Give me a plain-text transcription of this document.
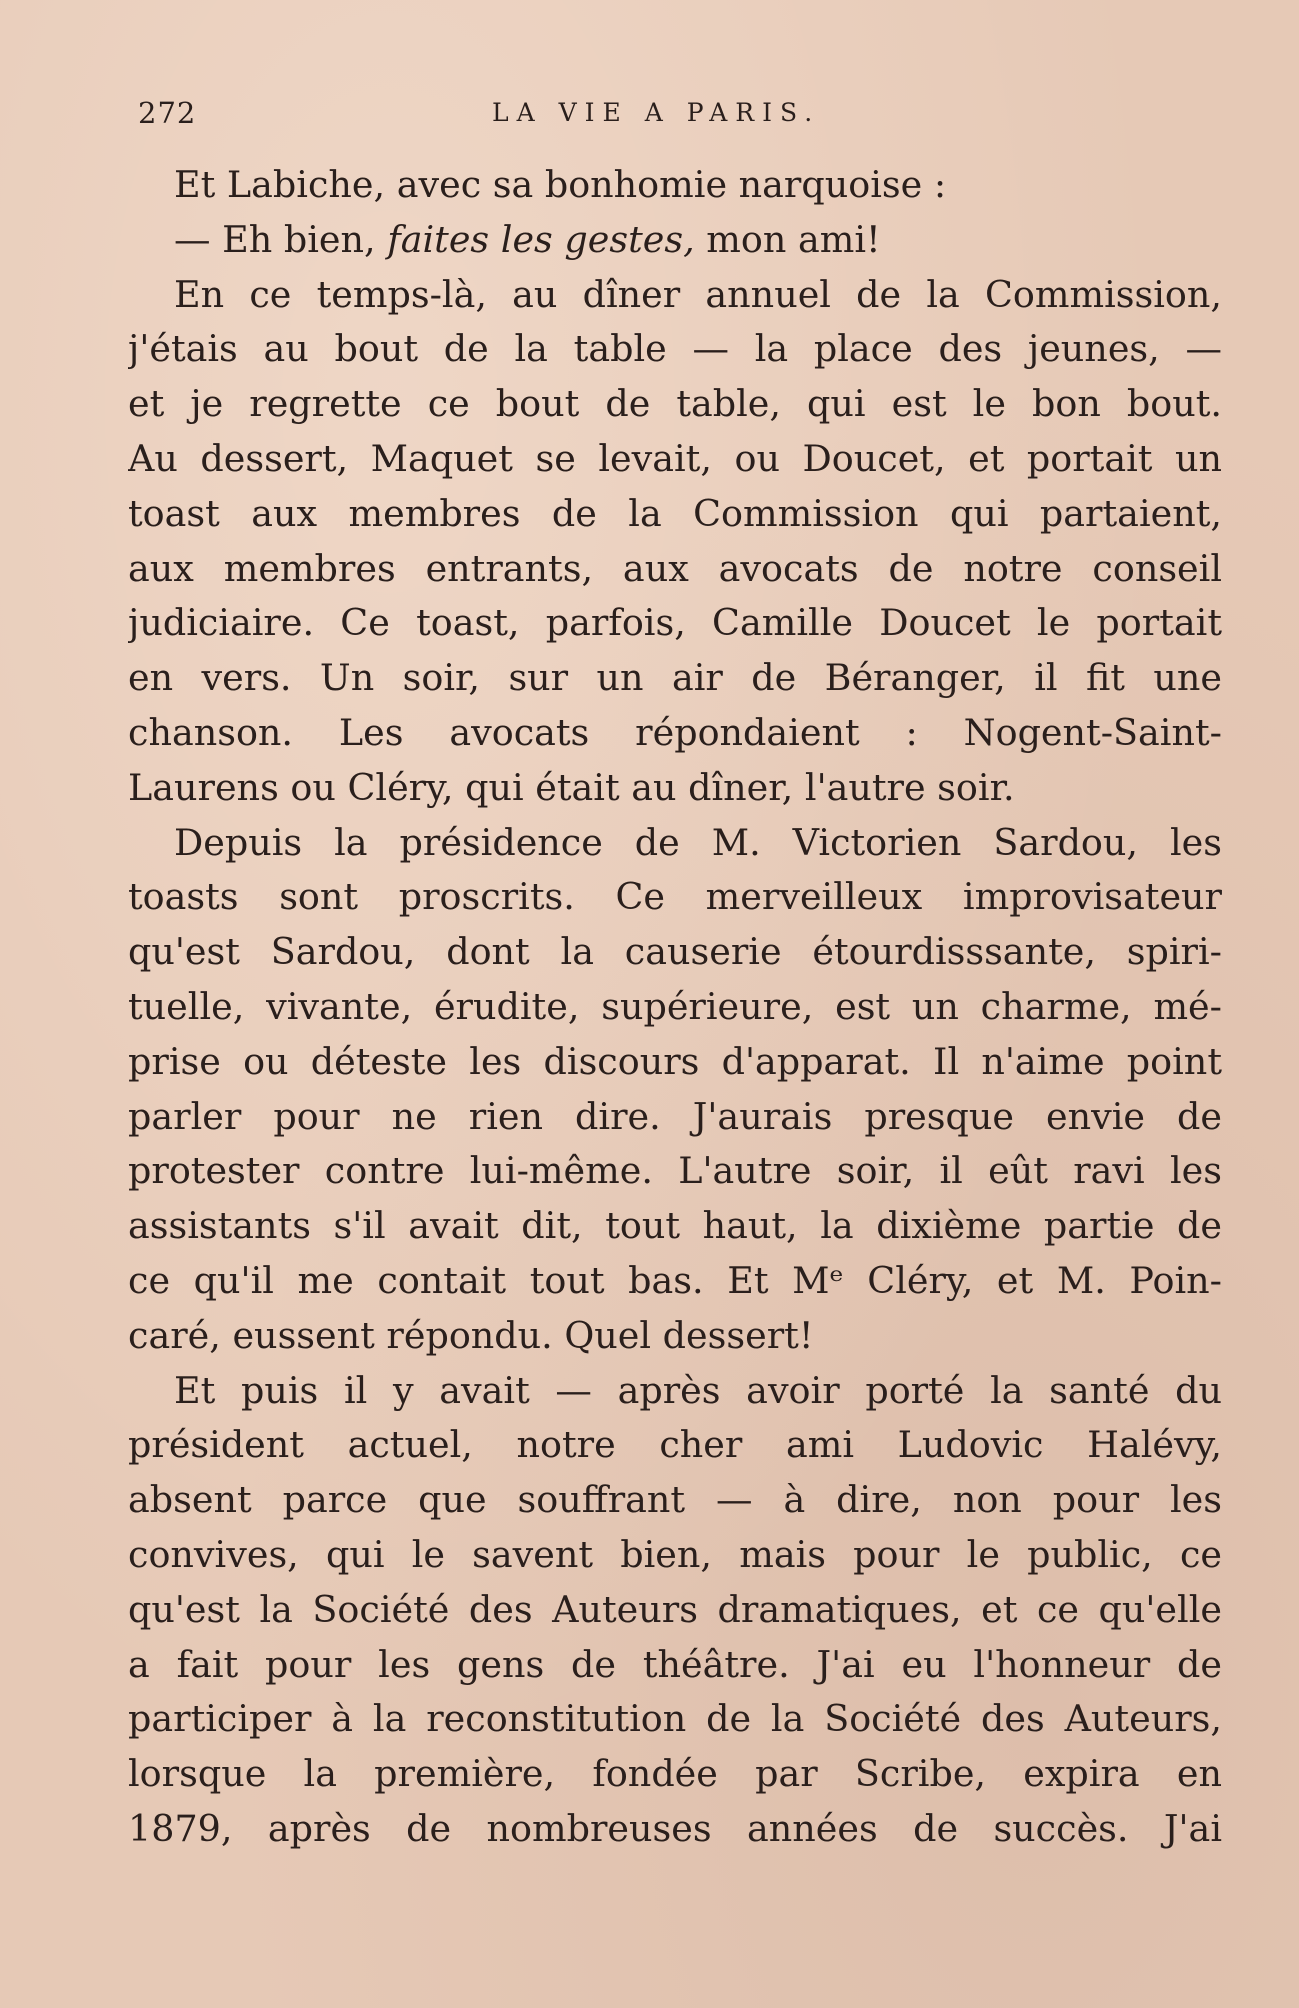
272	LA VIE A PARIS.
Et Labiche, avec sa bonhomie narquoise :
— Eh bien, faites les gestes, mon ami!
En ce temps-là, au dîner annuel de la Commission,
j'étais au bout de la table — la place des jeunes, —
et je regrette ce bout de table, qui est le bon bout.
Au dessert, Maquet se levait, ou Doucet, et portait un
toast aux membres de la Commission qui partaient,
aux membres entrants, aux avocats de notre conseil
judiciaire. Ce toast, parfois, Camille Doucet le portait
en vers. Un soir, sur un air de Béranger, il fit une
chanson. Les avocats répondaient : Nogent-Saint-
Laurens ou Cléry, qui était au dîner, l'autre soir.
Depuis la présidence de M. Victorien Sardou, les
toasts sont proscrits. Ce merveilleux improvisateur
qu'est Sardou, dont la causerie étourdisssante, spiri-
tuelle, vivante, érudite, supérieure, est un charme, mé-
prise ou déteste les discours d'apparat. Il n'aime point
parler pour ne rien dire. J'aurais presque envie de
protester contre lui-même. L'autre soir, il eût ravi les
assistants s'il avait dit, tout haut, la dixième partie de
ce qu'il me contait tout bas. Et Mᵉ Cléry, et M. Poin-
caré, eussent répondu. Quel dessert!
Et puis il y avait — après avoir porté la santé du
président actuel, notre cher ami Ludovic Halévy,
absent parce que souffrant — à dire, non pour les
convives, qui le savent bien, mais pour le public, ce
qu'est la Société des Auteurs dramatiques, et ce qu'elle
a fait pour les gens de théâtre. J'ai eu l'honneur de
participer à la reconstitution de la Société des Auteurs,
lorsque la première, fondée par Scribe, expira en
1879, après de nombreuses années de succès. J'ai
